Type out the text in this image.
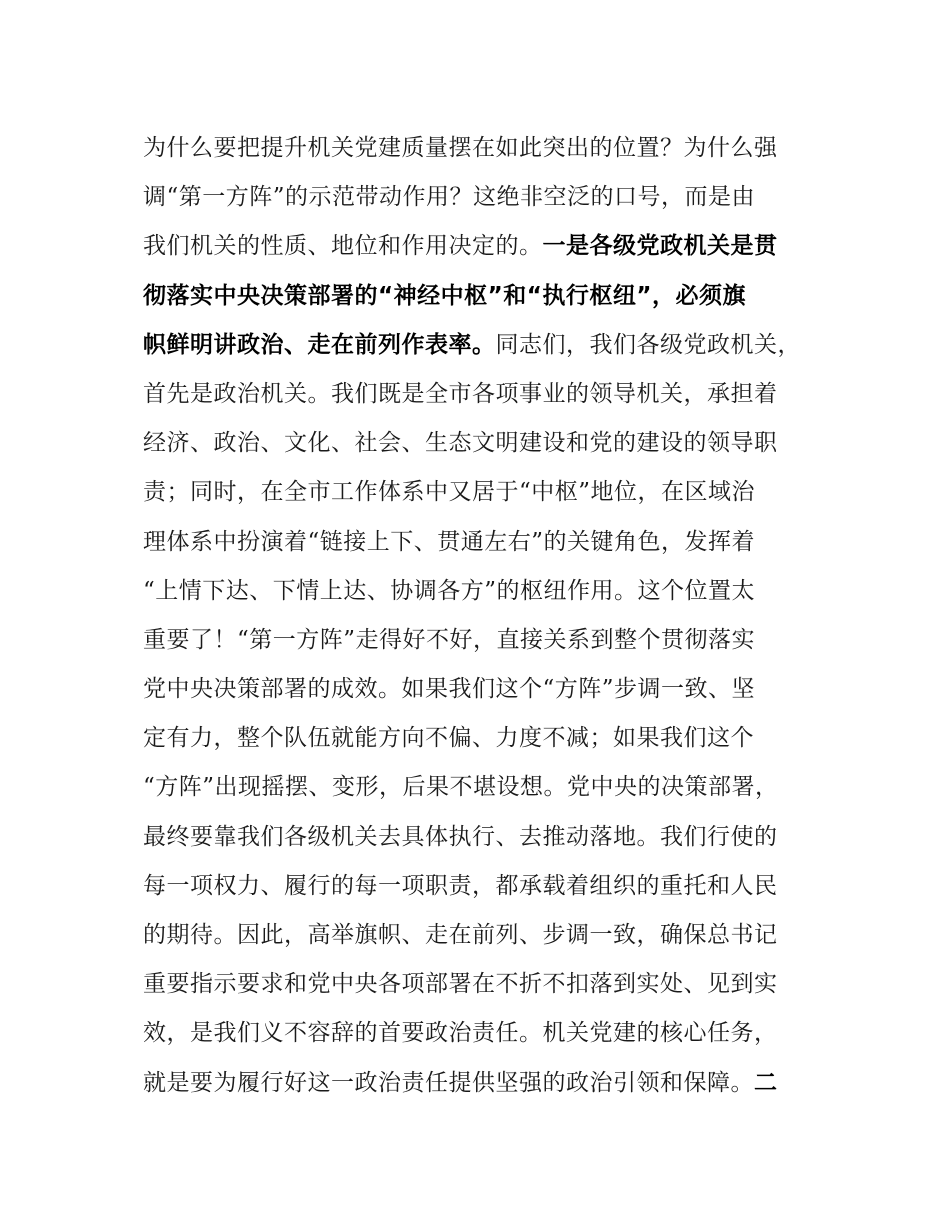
为什么要把提升机关党建质量摆在如此突出的位置？为什么强
调“第一方阵”的示范带动作用？这绝非空泛的口号，而是由
我们机关的性质、地位和作用决定的。一是各级党政机关是贯
彻落实中央决策部署的“神经中枢”和“执行枢纽”，必须旗
帜鲜明讲政治、走在前列作表率。同志们，我们各级党政机关，
首先是政治机关。我们既是全市各项事业的领导机关，承担着
经济、政治、文化、社会、生态文明建设和党的建设的领导职
责；同时，在全市工作体系中又居于“中枢”地位，在区域治
理体系中扮演着“链接上下、贯通左右”的关键角色，发挥着
“上情下达、下情上达、协调各方”的枢纽作用。这个位置太
重要了！“第一方阵”走得好不好，直接关系到整个贯彻落实
党中央决策部署的成效。如果我们这个“方阵”步调一致、坚
定有力，整个队伍就能方向不偏、力度不减；如果我们这个
“方阵”出现摇摆、变形，后果不堪设想。党中央的决策部署，
最终要靠我们各级机关去具体执行、去推动落地。我们行使的
每一项权力、履行的每一项职责，都承载着组织的重托和人民
的期待。因此，高举旗帜、走在前列、步调一致，确保总书记
重要指示要求和党中央各项部署在不折不扣落到实处、见到实
效，是我们义不容辞的首要政治责任。机关党建的核心任务，
就是要为履行好这一政治责任提供坚强的政治引领和保障。二
